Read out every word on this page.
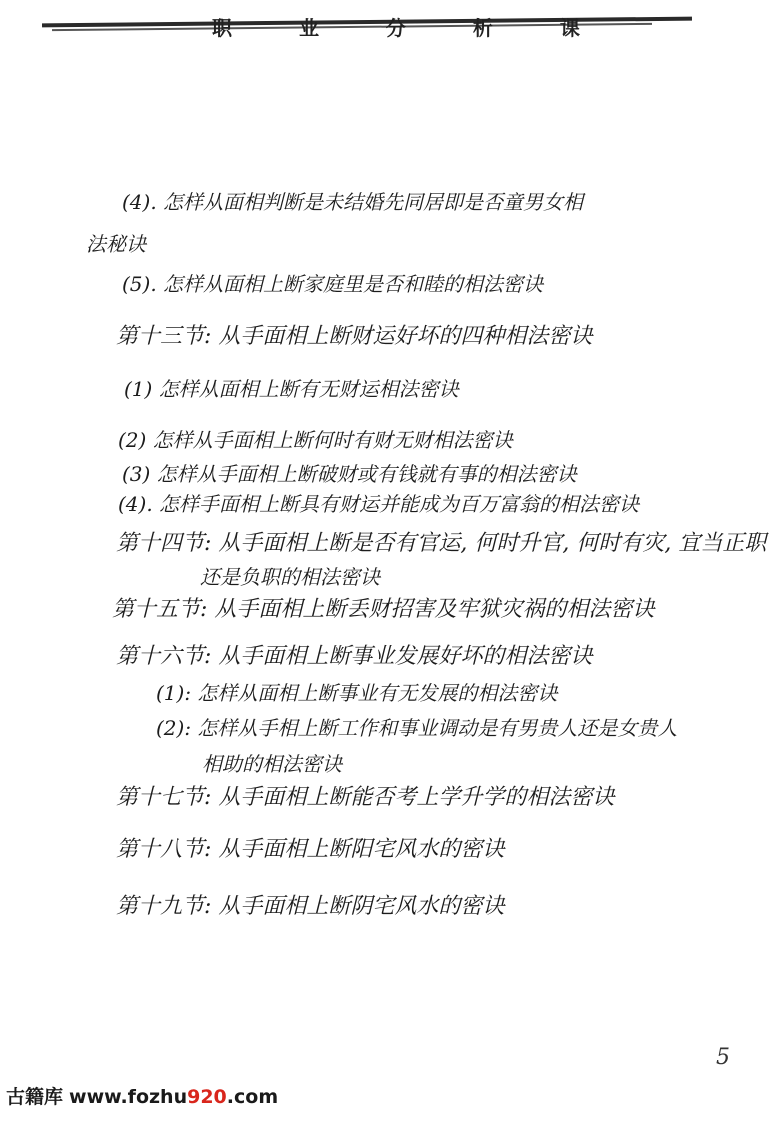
职 业 分 析 课
(4). 怎样从面相判断是未结婚先同居即是否童男女相
法秘诀
(5). 怎样从面相上断家庭里是否和睦的相法密诀
第十三节: 从手面相上断财运好坏的四种相法密诀
(1) 怎样从面相上断有无财运相法密诀
(2) 怎样从手面相上断何时有财无财相法密诀
(3) 怎样从手面相上断破财或有钱就有事的相法密诀
(4). 怎样手面相上断具有财运并能成为百万富翁的相法密诀
第十四节: 从手面相上断是否有官运, 何时升官, 何时有灾, 宜当正职
还是负职的相法密诀
第十五节: 从手面相上断丢财招害及牢狱灾祸的相法密诀
第十六节: 从手面相上断事业发展好坏的相法密诀
(1): 怎样从面相上断事业有无发展的相法密诀
(2): 怎样从手相上断工作和事业调动是有男贵人还是女贵人
相助的相法密诀
第十七节: 从手面相上断能否考上学升学的相法密诀
第十八节: 从手面相上断阳宅风水的密诀
第十九节: 从手面相上断阴宅风水的密诀
5
古籍库 www.fozhu920.com
